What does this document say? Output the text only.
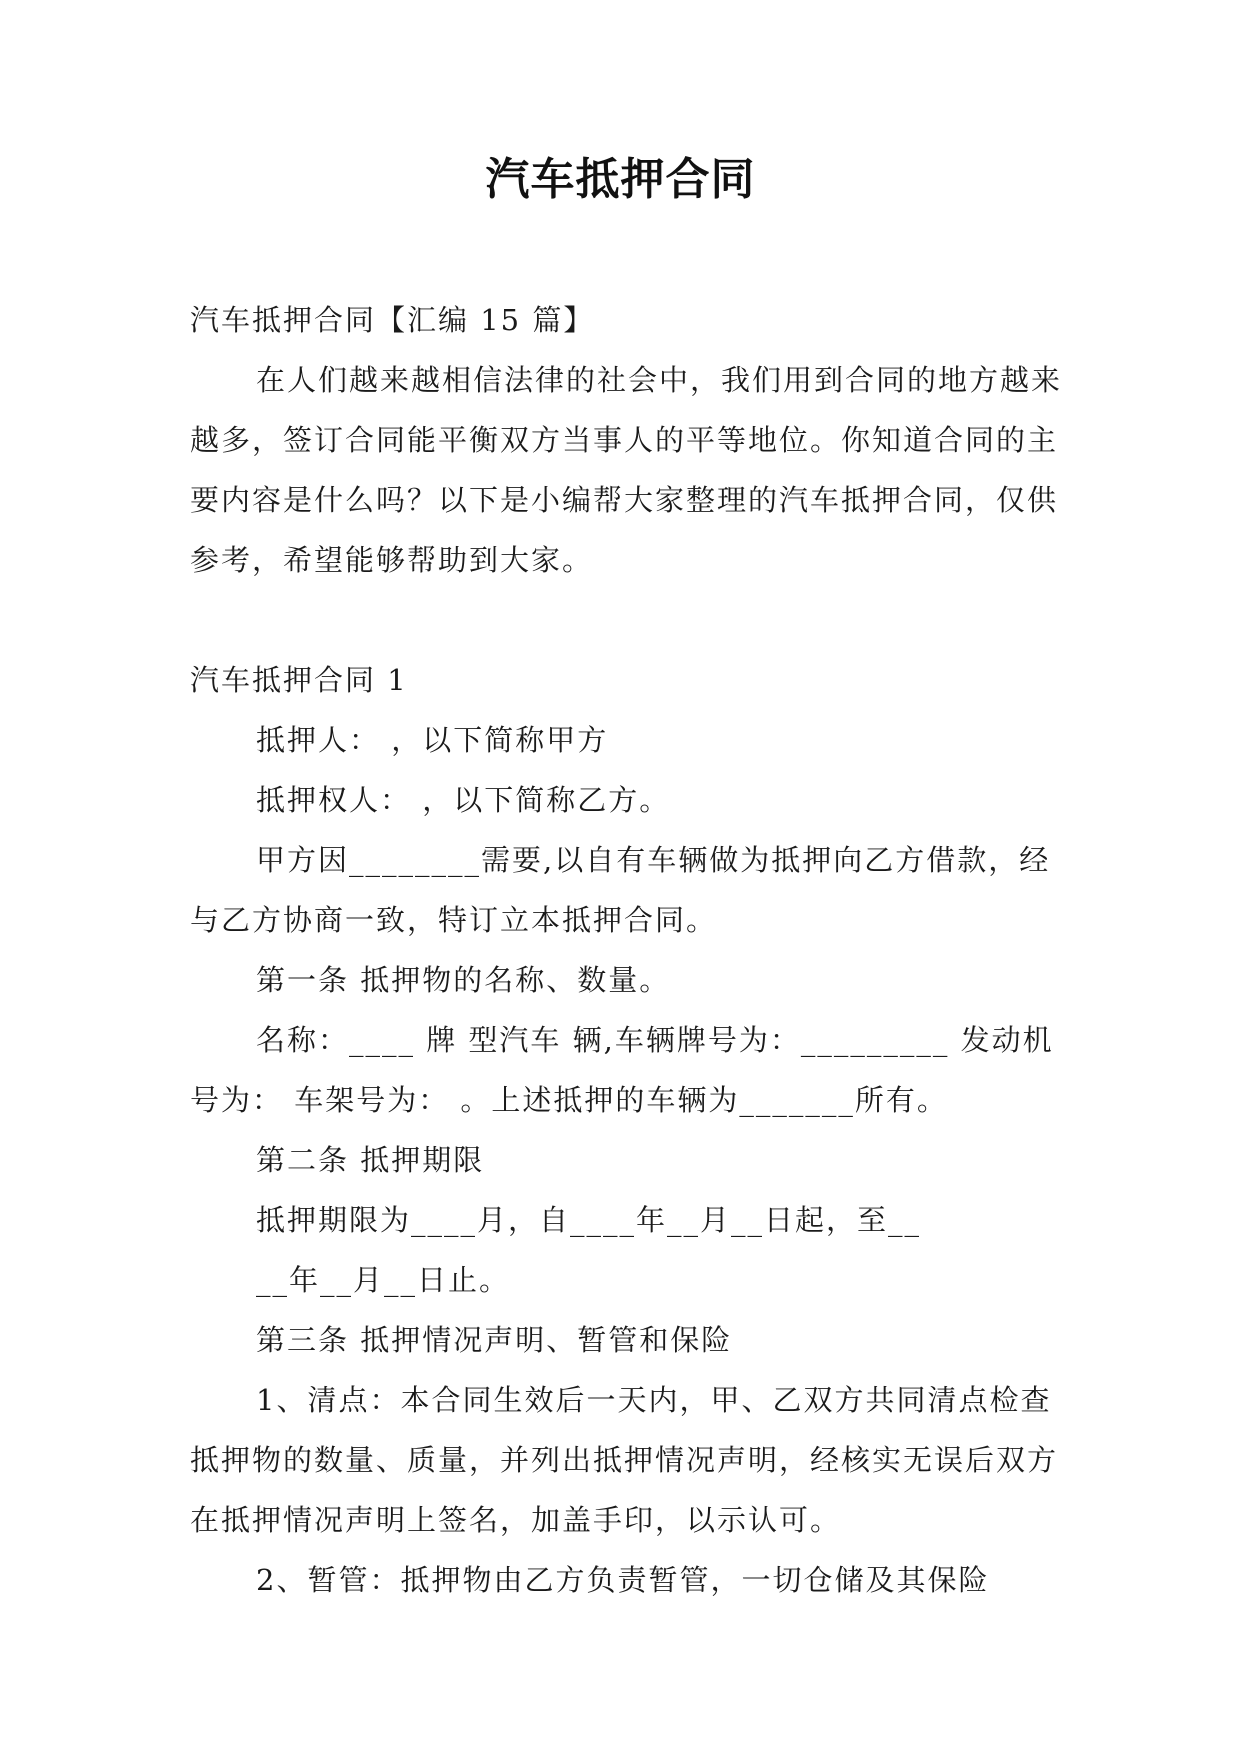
汽车抵押合同

汽车抵押合同【汇编 15 篇】

在人们越来越相信法律的社会中，我们用到合同的地方越来越多，签订合同能平衡双方当事人的平等地位。你知道合同的主要内容是什么吗？以下是小编帮大家整理的汽车抵押合同，仅供参考，希望能够帮助到大家。

汽车抵押合同 1

抵押人： ，以下简称甲方

抵押权人： ，以下简称乙方。

甲方因________需要,以自有车辆做为抵押向乙方借款，经与乙方协商一致，特订立本抵押合同。

第一条 抵押物的名称、数量。

名称：____ 牌 型汽车 辆,车辆牌号为：_________ 发动机号为： 车架号为： 。上述抵押的车辆为_______所有。

第二条 抵押期限

抵押期限为____月，自____年__月__日起，至__

__年__月__日止。

第三条 抵押情况声明、暂管和保险

1、清点：本合同生效后一天内，甲、乙双方共同清点检查抵押物的数量、质量，并列出抵押情况声明，经核实无误后双方在抵押情况声明上签名，加盖手印，以示认可。

2、暂管：抵押物由乙方负责暂管，一切仓储及其保险
